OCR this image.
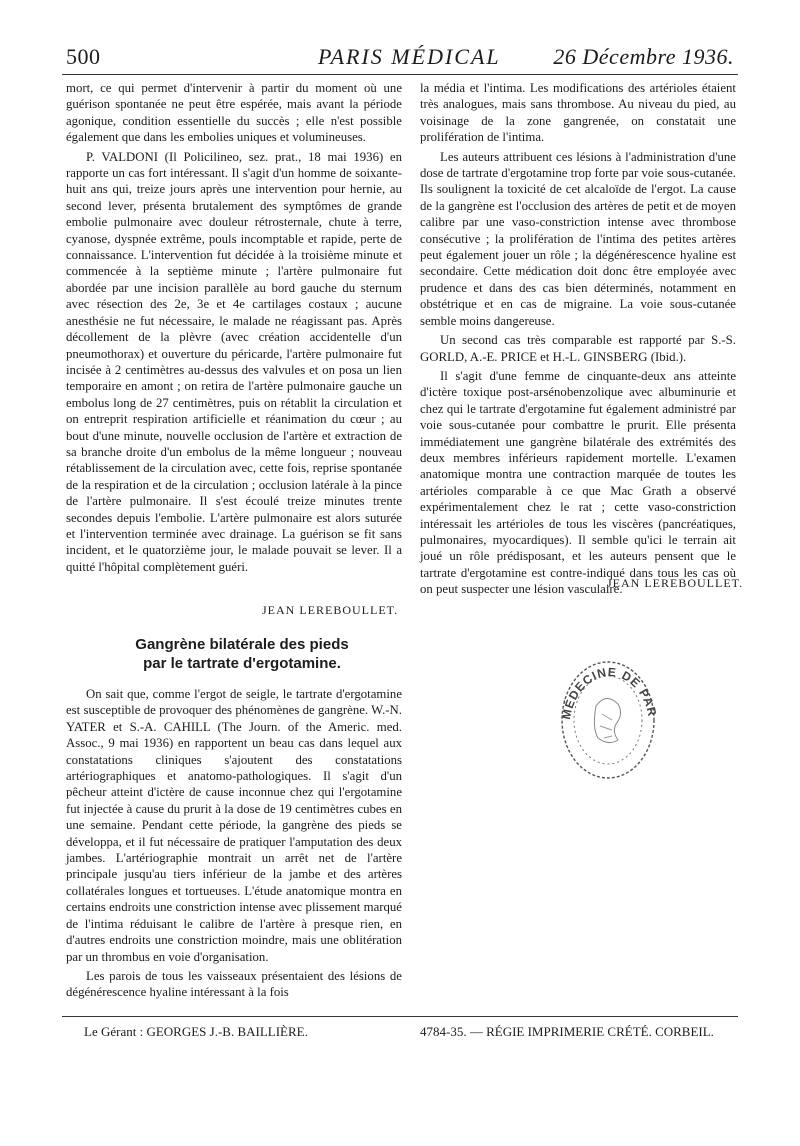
500	PARIS MÉDICAL 26 Décembre 1936.

mort, ce qui permet d'intervenir à partir du moment où une guérison spontanée ne peut être espérée, mais avant la période agonique, condition essentielle du succès ; elle n'est possible également que dans les embolies uniques et volumineuses.

P. VALDONI (Il Policilineo, sez. prat., 18 mai 1936) en rapporte un cas fort intéressant. Il s'agit d'un homme de soixante-huit ans qui, treize jours après une intervention pour hernie, au second lever, présenta brutalement des symptômes de grande embolie pulmonaire avec douleur rétrosternale, chute à terre, cyanose, dyspnée extrême, pouls incomptable et rapide, perte de connaissance. L'intervention fut décidée à la troisième minute et commencée à la septième minute ; l'artère pulmonaire fut abordée par une incision parallèle au bord gauche du sternum avec résection des 2e, 3e et 4e cartilages costaux ; aucune anesthésie ne fut nécessaire, le malade ne réagissant pas. Après décollement de la plèvre (avec création accidentelle d'un pneumothorax) et ouverture du péricarde, l'artère pulmonaire fut incisée à 2 centimètres au-dessus des valvules et on posa un lien temporaire en amont ; on retira de l'artère pulmonaire gauche un embolus long de 27 centimètres, puis on rétablit la circulation et on entreprit respiration artificielle et réanimation du cœur ; au bout d'une minute, nouvelle occlusion de l'artère et extraction de sa branche droite d'un embolus de la même longueur ; nouveau rétablissement de la circulation avec, cette fois, reprise spontanée de la respiration et de la circulation ; occlusion latérale à la pince de l'artère pulmonaire. Il s'est écoulé treize minutes trente secondes depuis l'embolie. L'artère pulmonaire est alors suturée et l'intervention terminée avec drainage. La guérison se fit sans incident, et le quatorzième jour, le malade pouvait se lever. Il a quitté l'hôpital complètement guéri.

JEAN LEREBOULLET.
Gangrène bilatérale des pieds
par le tartrate d'ergotamine.

On sait que, comme l'ergot de seigle, le tartrate d'ergotamine est susceptible de provoquer des phénomènes de gangrène. W.-N. YATER et S.-A. CAHILL (The Journ. of the Americ. med. Assoc., 9 mai 1936) en rapportent un beau cas dans lequel aux constatations cliniques s'ajoutent des constatations artériographiques et anatomo-pathologiques. Il s'agit d'un pêcheur atteint d'ictère de cause inconnue chez qui l'ergotamine fut injectée à cause du prurit à la dose de 19 centimètres cubes en une semaine. Pendant cette période, la gangrène des pieds se développa, et il fut nécessaire de pratiquer l'amputation des deux jambes. L'artériographie montrait un arrêt net de l'artère principale jusqu'au tiers inférieur de la jambe et des artères collatérales longues et tortueuses. L'étude anatomique montra en certains endroits une constriction intense avec plissement marqué de l'intima réduisant le calibre de l'artère à presque rien, en d'autres endroits une constriction moindre, mais une oblitération par un thrombus en voie d'organisation.

Les parois de tous les vaisseaux présentaient des lésions de dégénérescence hyaline intéressant à la fois

la média et l'intima. Les modifications des artérioles étaient très analogues, mais sans thrombose. Au niveau du pied, au voisinage de la zone gangrenée, on constatait une prolifération de l'intima.

Les auteurs attribuent ces lésions à l'administration d'une dose de tartrate d'ergotamine trop forte par voie sous-cutanée. Ils soulignent la toxicité de cet alcaloïde de l'ergot. La cause de la gangrène est l'occlusion des artères de petit et de moyen calibre par une vaso-constriction intense avec thrombose consécutive ; la prolifération de l'intima des petites artères peut également jouer un rôle ; la dégénérescence hyaline est secondaire. Cette médication doit donc être employée avec prudence et dans des cas bien déterminés, notamment en obstétrique et en cas de migraine. La voie sous-cutanée semble moins dangereuse.

Un second cas très comparable est rapporté par S.-S. GORLD, A.-E. PRICE et H.-L. GINSBERG (Ibid.).

Il s'agit d'une femme de cinquante-deux ans atteinte d'ictère toxique post-arsénobenzolique avec albuminurie et chez qui le tartrate d'ergotamine fut également administré par voie sous-cutanée pour combattre le prurit. Elle présenta immédiatement une gangrène bilatérale des extrémités des deux membres inférieurs rapidement mortelle. L'examen anatomique montra une contraction marquée de toutes les artérioles comparable à ce que Mac Grath a observé expérimentalement chez le rat ; cette vaso-constriction intéressait les artérioles de tous les viscères (pancréatiques, pulmonaires, myocardiques). Il semble qu'ici le terrain ait joué un rôle prédisposant, et les auteurs pensent que le tartrate d'ergotamine est contre-indiqué dans tous les cas où on peut suspecter une lésion vasculaire.

JEAN LEREBOULLET.
MÉDECINE DE PAR
Le Gérant : GEORGES J.-B. BAILLIÈRE.	4784-35. — RÉGIE IMPRIMERIE CRÉTÉ. CORBEIL.
